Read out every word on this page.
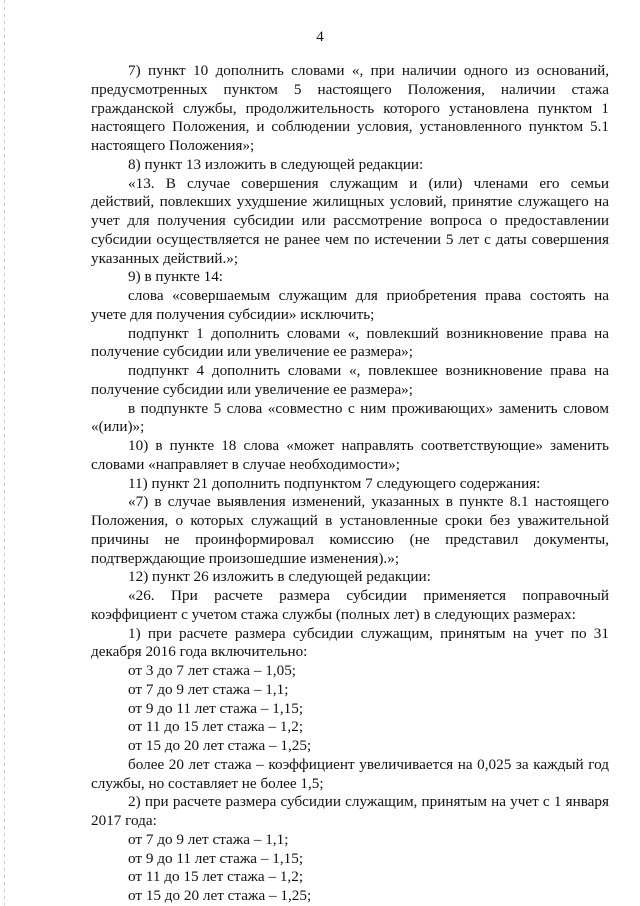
4

7) пункт 10 дополнить словами «, при наличии одного из оснований, предусмотренных пунктом 5 настоящего Положения, наличии стажа гражданской службы, продолжительность которого установлена пунктом 1 настоящего Положения, и соблюдении условия, установленного пунктом 5.1 настоящего Положения»;

8) пункт 13 изложить в следующей редакции:

«13. В случае совершения служащим и (или) членами его семьи действий, повлекших ухудшение жилищных условий, принятие служащего на учет для получения субсидии или рассмотрение вопроса о предоставлении субсидии осуществляется не ранее чем по истечении 5 лет с даты совершения указанных действий.»;

9) в пункте 14:

слова «совершаемым служащим для приобретения права состоять на учете для получения субсидии» исключить;

подпункт 1 дополнить словами «, повлекший возникновение права на получение субсидии или увеличение ее размера»;

подпункт 4 дополнить словами «, повлекшее возникновение права на получение субсидии или увеличение ее размера»;

в подпункте 5 слова «совместно с ним проживающих» заменить словом «(или)»;

10) в пункте 18 слова «может направлять соответствующие» заменить словами «направляет в случае необходимости»;

11) пункт 21 дополнить подпунктом 7 следующего содержания:

«7) в случае выявления изменений, указанных в пункте 8.1 настоящего Положения, о которых служащий в установленные сроки без уважительной причины не проинформировал комиссию (не представил документы, подтверждающие произошедшие изменения).»;

12) пункт 26 изложить в следующей редакции:

«26. При расчете размера субсидии применяется поправочный коэффициент с учетом стажа службы (полных лет) в следующих размерах:

1) при расчете размера субсидии служащим, принятым на учет по 31 декабря 2016 года включительно:

от 3 до 7 лет стажа – 1,05;

от 7 до 9 лет стажа – 1,1;

от 9 до 11 лет стажа – 1,15;

от 11 до 15 лет стажа – 1,2;

от 15 до 20 лет стажа – 1,25;

более 20 лет стажа – коэффициент увеличивается на 0,025 за каждый год службы, но составляет не более 1,5;

2) при расчете размера субсидии служащим, принятым на учет с 1 января 2017 года:

от 7 до 9 лет стажа – 1,1;

от 9 до 11 лет стажа – 1,15;

от 11 до 15 лет стажа – 1,2;

от 15 до 20 лет стажа – 1,25;
